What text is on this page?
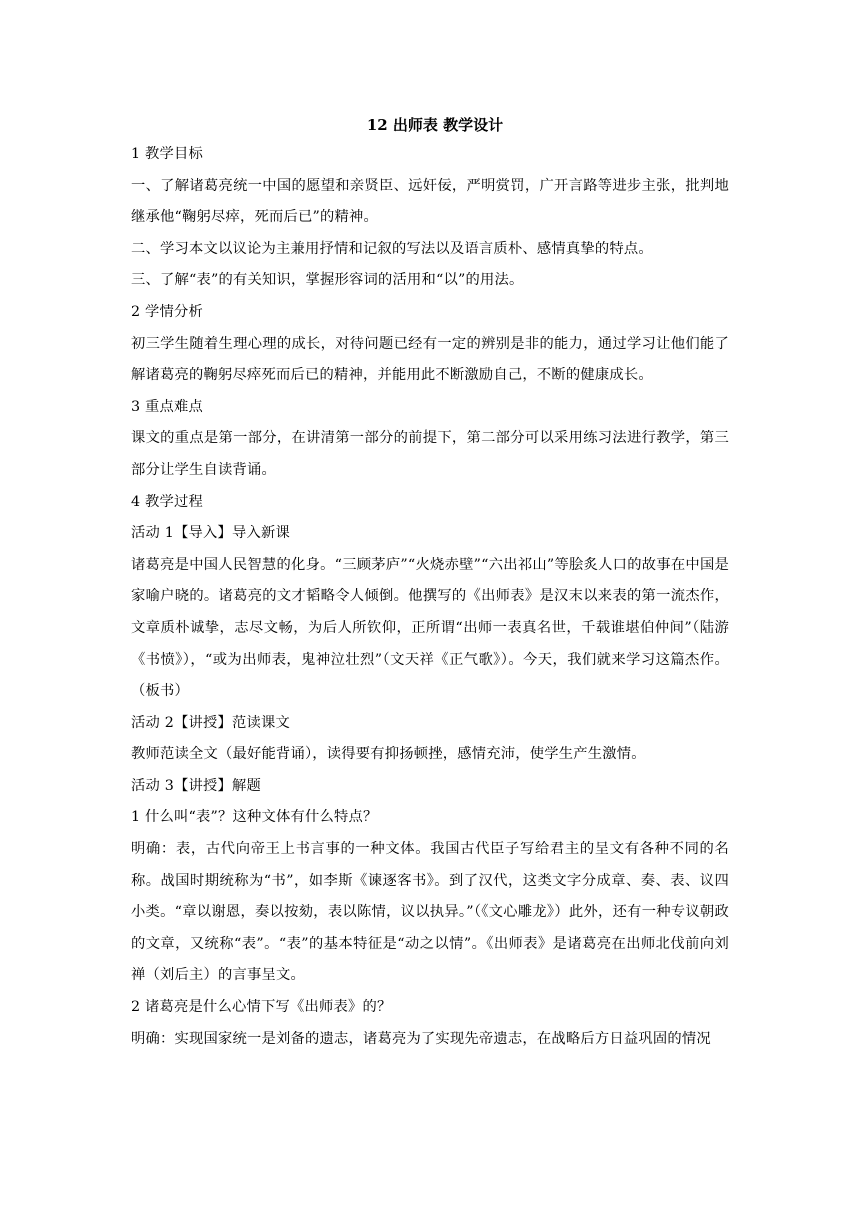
12 出师表 教学设计

1 教学目标

一、了解诸葛亮统一中国的愿望和亲贤臣、远奸佞，严明赏罚，广开言路等进步主张，批判地继承他“鞠躬尽瘁，死而后已”的精神。

二、学习本文以议论为主兼用抒情和记叙的写法以及语言质朴、感情真挚的特点。

三、了解“表”的有关知识，掌握形容词的活用和“以”的用法。

2 学情分析

初三学生随着生理心理的成长，对待问题已经有一定的辨别是非的能力，通过学习让他们能了解诸葛亮的鞠躬尽瘁死而后已的精神，并能用此不断激励自己，不断的健康成长。

3 重点难点

课文的重点是第一部分，在讲清第一部分的前提下，第二部分可以采用练习法进行教学，第三部分让学生自读背诵。

4 教学过程

活动 1【导入】导入新课

诸葛亮是中国人民智慧的化身。“三顾茅庐”“火烧赤壁”“六出祁山”等脍炙人口的故事在中国是家喻户晓的。诸葛亮的文才韬略令人倾倒。他撰写的《出师表》是汉末以来表的第一流杰作，文章质朴诚挚，志尽文畅，为后人所钦仰，正所谓“出师一表真名世，千载谁堪伯仲间”（陆游《书愤》），“或为出师表，鬼神泣壮烈”（文天祥《正气歌》）。今天，我们就来学习这篇杰作。（板书）

活动 2【讲授】范读课文

教师范读全文（最好能背诵），读得要有抑扬顿挫，感情充沛，使学生产生激情。

活动 3【讲授】解题

1 什么叫“表”？这种文体有什么特点？

明确：表，古代向帝王上书言事的一种文体。我国古代臣子写给君主的呈文有各种不同的名称。战国时期统称为“书”，如李斯《谏逐客书》。到了汉代，这类文字分成章、奏、表、议四小类。“章以谢恩，奏以按劾，表以陈情，议以执异。”（《文心雕龙》）此外，还有一种专议朝政的文章，又统称“表”。“表”的基本特征是“动之以情”。《出师表》是诸葛亮在出师北伐前向刘禅（刘后主）的言事呈文。

2 诸葛亮是什么心情下写《出师表》的？

明确：实现国家统一是刘备的遗志，诸葛亮为了实现先帝遗志，在战略后方日益巩固的情况
